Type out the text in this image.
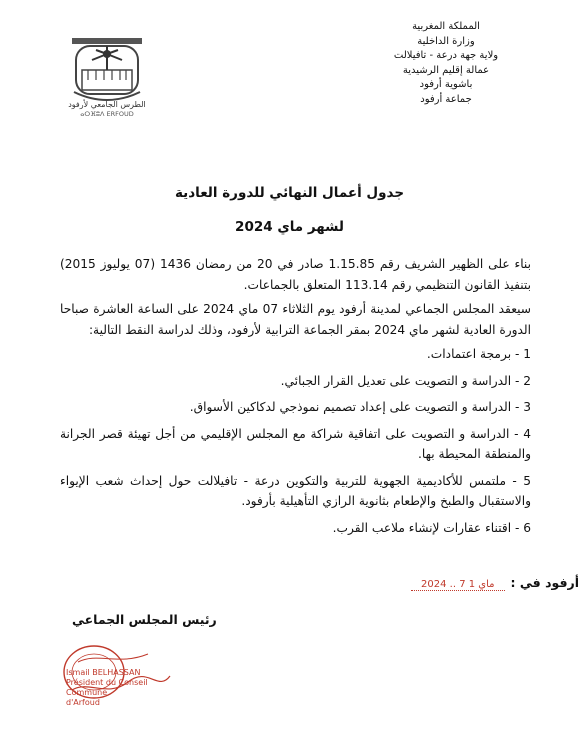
المملكة المغربية
وزارة الداخلية
ولاية جهة درعة - تافيلالت
عمالة إقليم الرشيدية
باشوية أرفود
جماعة أرفود
الطرس الجامعي لأرفود
ⴰⵔⴼⵓⴷ ERFOUD
جدول أعمال النهائي للدورة العادية
لشهر ماي 2024

بناء على الظهير الشريف رقم 1.15.85 صادر في 20 من رمضان 1436 (07 يوليوز 2015) بتنفيذ القانون التنظيمي رقم 113.14 المتعلق بالجماعات.

سيعقد المجلس الجماعي لمدينة أرفود يوم الثلاثاء 07 ماي 2024 على الساعة العاشرة صباحا الدورة العادية لشهر ماي 2024 بمقر الجماعة الترابية لأرفود، وذلك لدراسة النقط التالية:

1 - برمجة اعتمادات.

2 - الدراسة و التصويت على تعديل القرار الجبائي.

3 - الدراسة و التصويت على إعداد تصميم نموذجي لدكاكين الأسواق.

4 - الدراسة و التصويت على اتفاقية شراكة مع المجلس الإقليمي من أجل تهيئة قصر الجرانة والمنطقة المحيطة بها.

5 - ملتمس للأكاديمية الجهوية للتربية والتكوين درعة - تافيلالت حول إحداث شعب الإيواء والاستقبال والطبخ والإطعام بثانوية الرازي التأهيلية بأرفود.

6 - اقتناء عقارات لإنشاء ملاعب القرب.

أرفود في :
2024 .. ماي 1 7
رئيس المجلس الجماعي
Ismail BELHASSAN
Président du Conseil Commune
d'Arfoud
